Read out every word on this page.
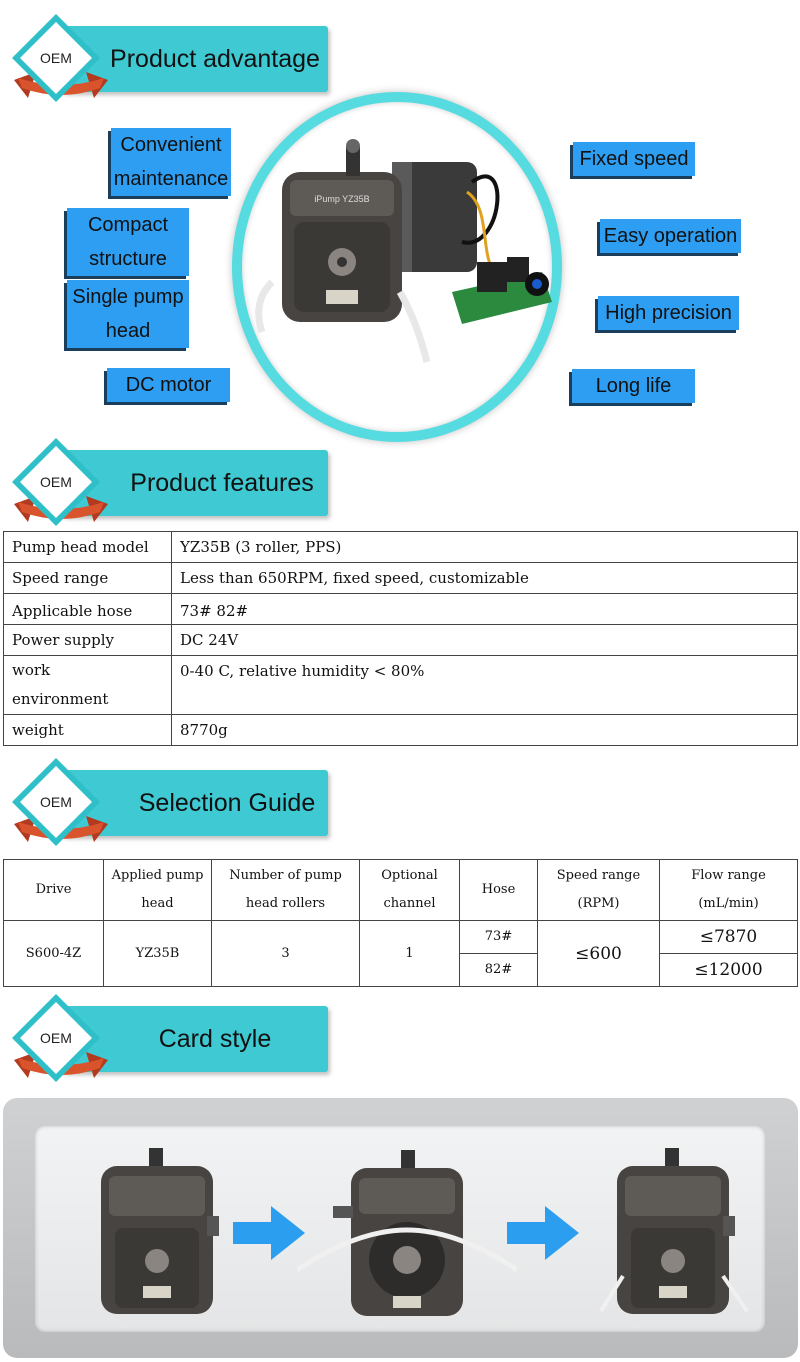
OEM	Product advantage
Convenient maintenance
Compact structure
Single pump head
DC motor
Fixed speed
Easy operation
High precision
Long life
iPump YZ35B
OEM	Product features
Pump head model	YZ35B (3 roller, PPS)
Speed range	Less than 650RPM, fixed speed, customizable
Applicable hose	73# 82#
Power supply	DC 24V
work environment	0-40 C, relative humidity < 80%
weight	8770g
OEM	Selection Guide
Drive	Applied pump head	Number of pump head rollers	Optional channel	Hose	Speed range (RPM)	Flow range (mL/min)
S600-4Z	YZ35B	3	1	73#	≤600	≤7870
				82#		≤12000
OEM	Card style
